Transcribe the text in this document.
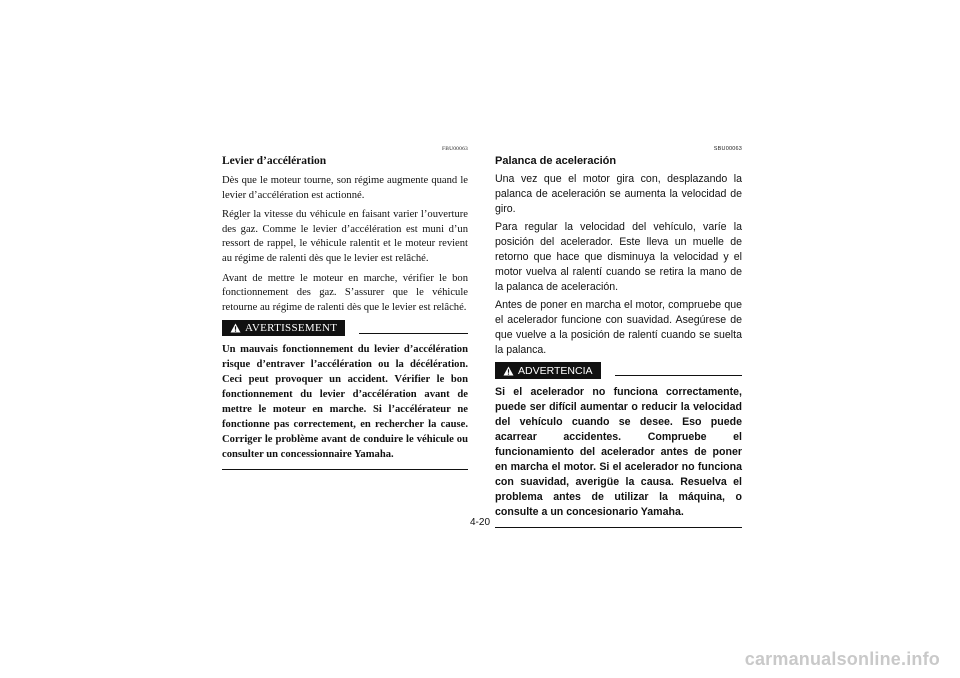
FBU00063
Levier d’accélération

Dès que le moteur tourne, son régime augmente quand le levier d’accélération est actionné.

Régler la vitesse du véhicule en faisant varier l’ouverture des gaz. Comme le levier d’accélération est muni d’un ressort de rappel, le véhicule ralentit et le moteur revient au régime de ralenti dès que le levier est relâché.

Avant de mettre le moteur en marche, vérifier le bon fonctionnement des gaz. S’assurer que le véhicule retourne au régime de ralenti dès que le levier est relâché.

AVERTISSEMENT

Un mauvais fonctionnement du levier d’accélération risque d’entraver l’accélération ou la décélération. Ceci peut provoquer un accident. Vérifier le bon fonctionnement du levier d’accélération avant de mettre le moteur en marche. Si l’accélérateur ne fonctionne pas correctement, en rechercher la cause. Corriger le problème avant de conduire le véhicule ou consulter un concessionnaire Yamaha.

SBU00063
Palanca de aceleración

Una vez que el motor gira con, desplazando la palanca de aceleración se aumenta la velocidad de giro.

Para regular la velocidad del vehículo, varíe la posición del acelerador. Este lleva un muelle de retorno que hace que disminuya la velocidad y el motor vuelva al ralentí cuando se retira la mano de la palanca de aceleración.

Antes de poner en marcha el motor, compruebe que el acelerador funcione con suavidad. Asegúrese de que vuelve a la posición de ralentí cuando se suelta la palanca.

ADVERTENCIA

Si el acelerador no funciona correctamente, puede ser difícil aumentar o reducir la velocidad del vehículo cuando se desee. Eso puede acarrear accidentes. Compruebe el funcionamiento del acelerador antes de poner en marcha el motor. Si el acelerador no funciona con suavidad, averigüe la causa. Resuelva el problema antes de utilizar la máquina, o consulte a un concesionario Yamaha.

4-20
carmanualsonline.info
